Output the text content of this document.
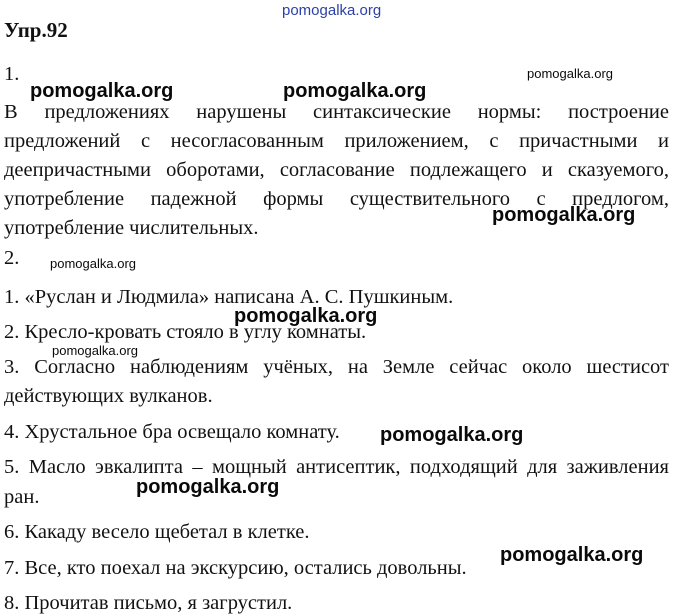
pomogalka.org
pomogalka.org	pomogalka.org
pomogalka.org
pomogalka.org
pomogalka.org
pomogalka.org
pomogalka.org
pomogalka.org
pomogalka.org
pomogalka.org
Упр.92
1.
В предложениях нарушены синтаксические нормы: построение предложений с несогласованным приложением, с причастными и деепричастными оборотами, согласование подлежащего и сказуемого, употребление падежной формы существительного с предлогом, употребление числительных.
2.
1. «Руслан и Людмила» написана А. С. Пушкиным.
2. Кресло-кровать стояло в углу комнаты.
3. Согласно наблюдениям учёных, на Земле сейчас около шестисот
действующих вулканов.
4. Хрустальное бра освещало комнату.
5. Масло эвкалипта – мощный антисептик, подходящий для заживления
ран.
6. Какаду весело щебетал в клетке.
7. Все, кто поехал на экскурсию, остались довольны.
8. Прочитав письмо, я загрустил.
